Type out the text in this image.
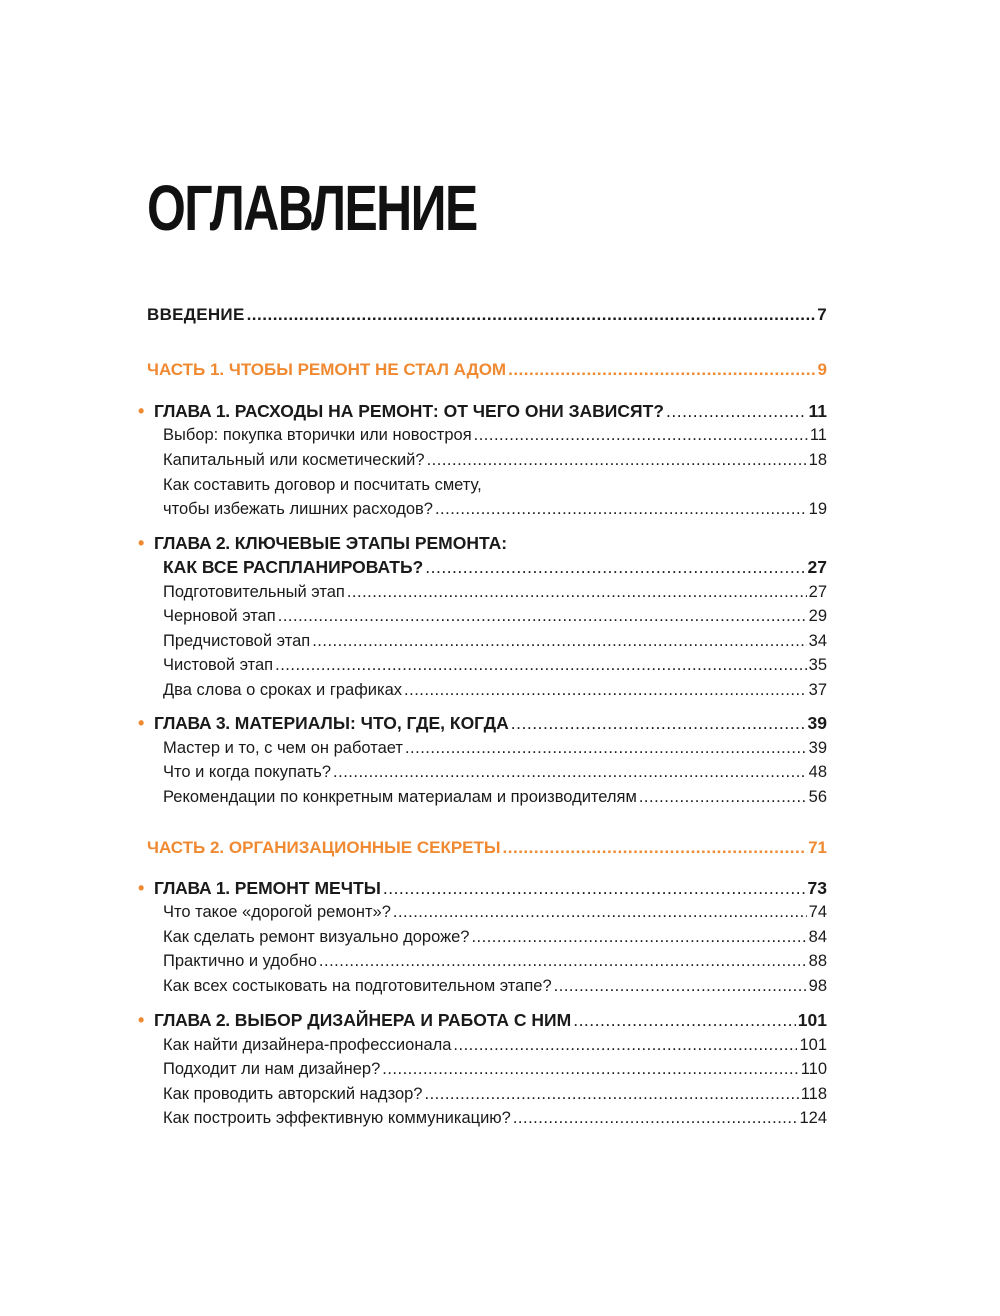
ОГЛАВЛЕНИЕ
ВВЕДЕНИЕ .....	7
ЧАСТЬ 1. ЧТОБЫ РЕМОНТ НЕ СТАЛ АДОМ .....	9
• ГЛАВА 1. РАСХОДЫ НА РЕМОНТ: ОТ ЧЕГО ОНИ ЗАВИСЯТ? .....	11
Выбор: покупка вторички или новостроя .....	11
Капитальный или косметический? .....	18
Как составить договор и посчитать смету,
чтобы избежать лишних расходов? .....	19
• ГЛАВА 2. КЛЮЧЕВЫЕ ЭТАПЫ РЕМОНТА:
КАК ВСЕ РАСПЛАНИРОВАТЬ? .....	27
Подготовительный этап .....	27
Черновой этап .....	29
Предчистовой этап .....	34
Чистовой этап .....	35
Два слова о сроках и графиках .....	37
• ГЛАВА 3. МАТЕРИАЛЫ: ЧТО, ГДЕ, КОГДА .....	39
Мастер и то, с чем он работает .....	39
Что и когда покупать? .....	48
Рекомендации по конкретным материалам и производителям .....	56
ЧАСТЬ 2. ОРГАНИЗАЦИОННЫЕ СЕКРЕТЫ .....	71
• ГЛАВА 1. РЕМОНТ МЕЧТЫ .....	73
Что такое «дорогой ремонт»? .....	74
Как сделать ремонт визуально дороже? .....	84
Практично и удобно .....	88
Как всех состыковать на подготовительном этапе? .....	98
• ГЛАВА 2. ВЫБОР ДИЗАЙНЕРА И РАБОТА С НИМ .....	101
Как найти дизайнера-профессионала .....	101
Подходит ли нам дизайнер? .....	110
Как проводить авторский надзор? .....	118
Как построить эффективную коммуникацию? .....	124
